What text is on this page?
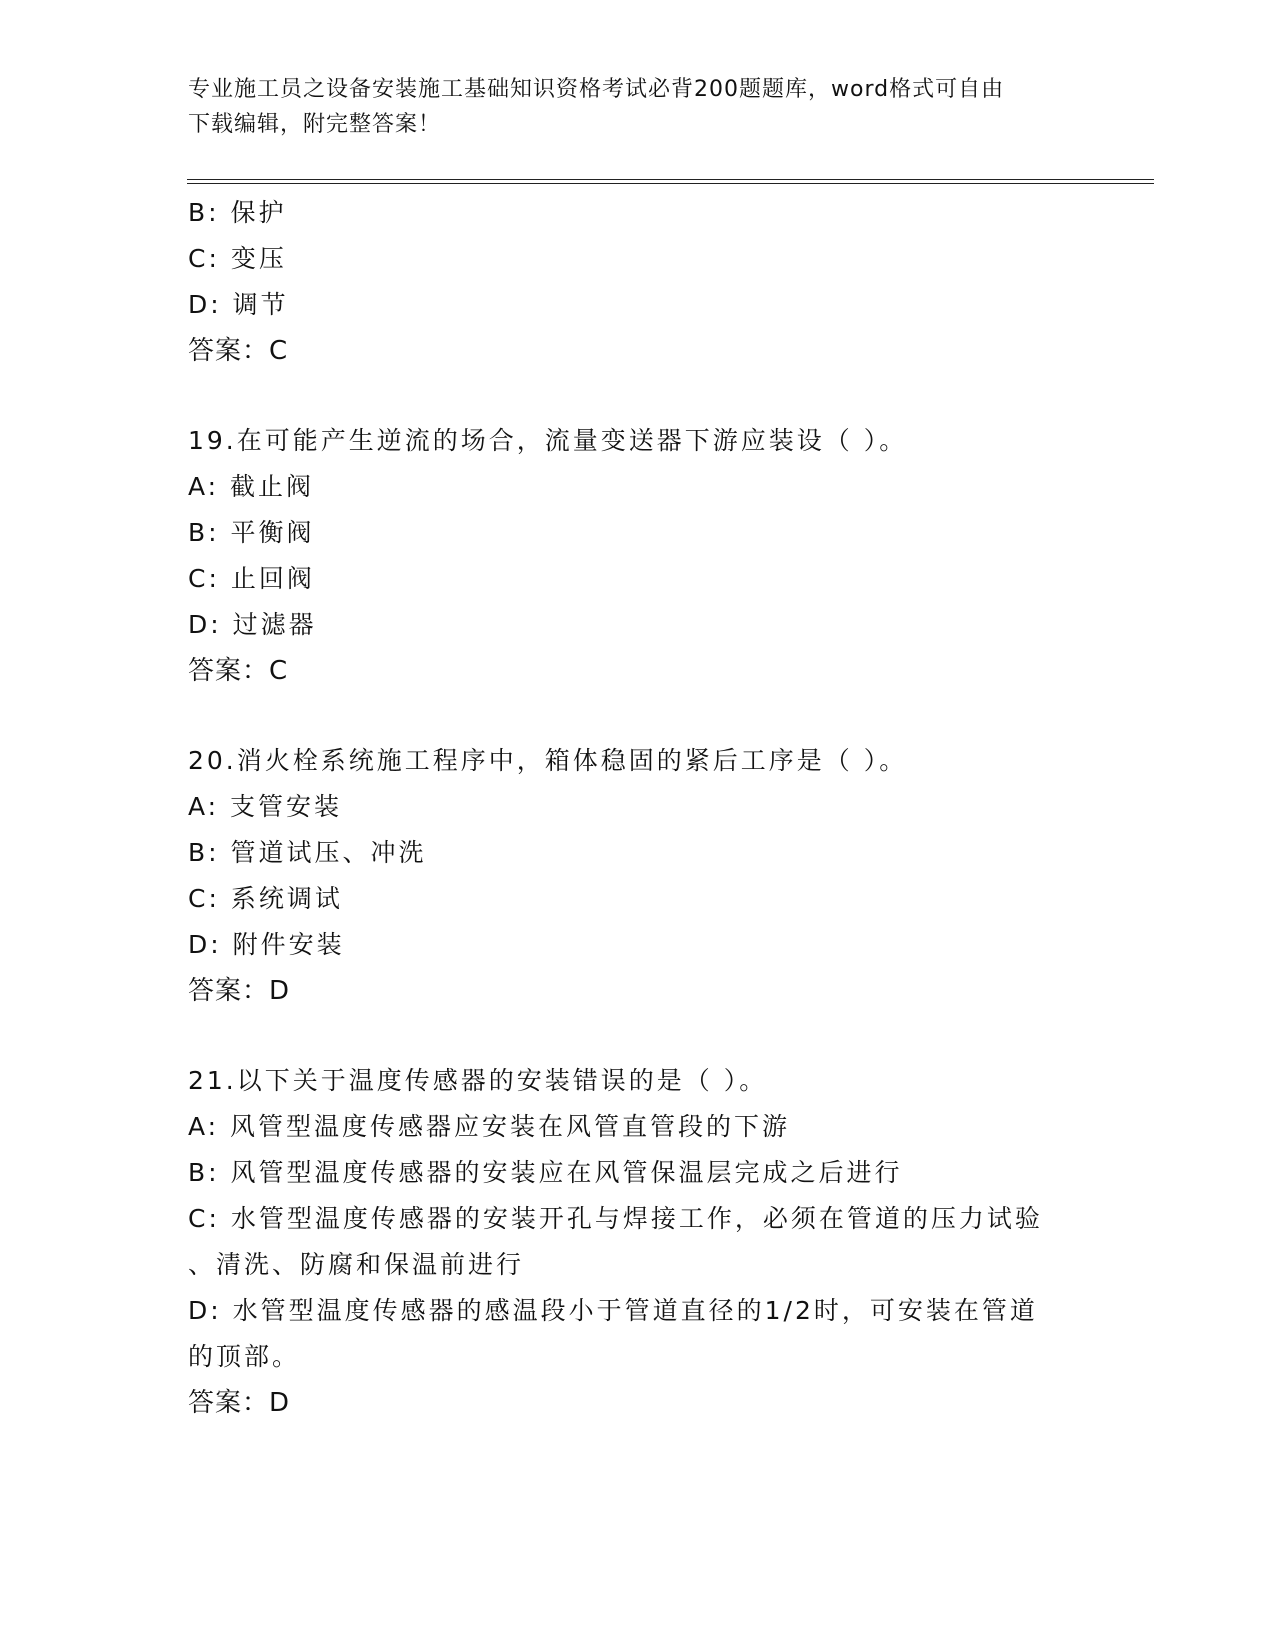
专业施工员之设备安装施工基础知识资格考试必背200题题库，word格式可自由
下载编辑，附完整答案！
B: 保护
C: 变压
D: 调节
答案：C
19.在可能产生逆流的场合，流量变送器下游应装设（ ）。
A: 截止阀
B: 平衡阀
C: 止回阀
D: 过滤器
答案：C
20.消火栓系统施工程序中，箱体稳固的紧后工序是（ ）。
A: 支管安装
B: 管道试压、冲洗
C: 系统调试
D: 附件安装
答案：D
21.以下关于温度传感器的安装错误的是（ ）。
A: 风管型温度传感器应安装在风管直管段的下游
B: 风管型温度传感器的安装应在风管保温层完成之后进行
C: 水管型温度传感器的安装开孔与焊接工作，必须在管道的压力试验
、清洗、防腐和保温前进行
D: 水管型温度传感器的感温段小于管道直径的1/2时，可安装在管道
的顶部。
答案：D
